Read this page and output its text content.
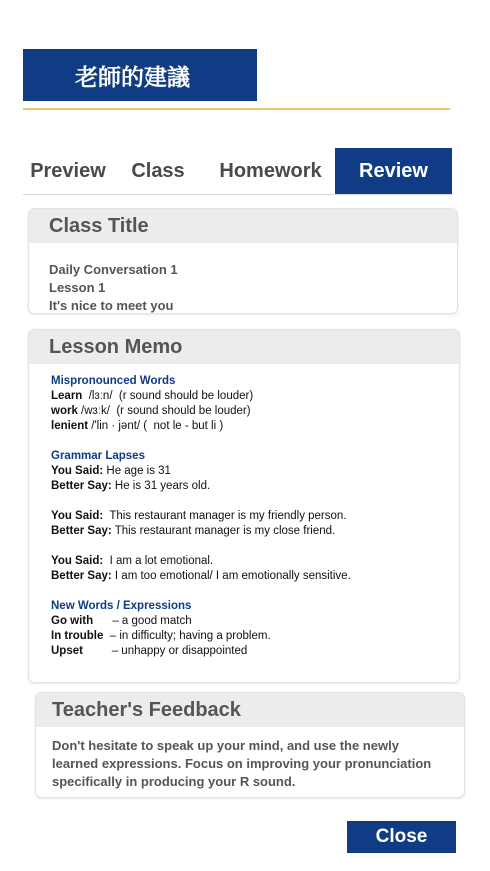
老師的建議
Preview	Class	Homework	Review
Class Title
Daily Conversation 1
Lesson 1
It's nice to meet you
Lesson Memo
Mispronounced Words
Learn  /lɜːn/  (r sound should be louder)
work /wɜːk/  (r sound should be louder)
lenient /'lin · jənt/ (  not le - but li )
Grammar Lapses
You Said: He age is 31
Better Say: He is 31 years old.
You Said:  This restaurant manager is my friendly person.
Better Say: This restaurant manager is my close friend.
You Said:  I am a lot emotional.
Better Say: I am too emotional/ I am emotionally sensitive.
New Words / Expressions
Go with      – a good match
In trouble  – in difficulty; having a problem.
Upset         – unhappy or disappointed
Teacher's Feedback
Don't hesitate to speak up your mind, and use the newly learned expressions. Focus on improving your pronunciation specifically in producing your R sound.
Close
